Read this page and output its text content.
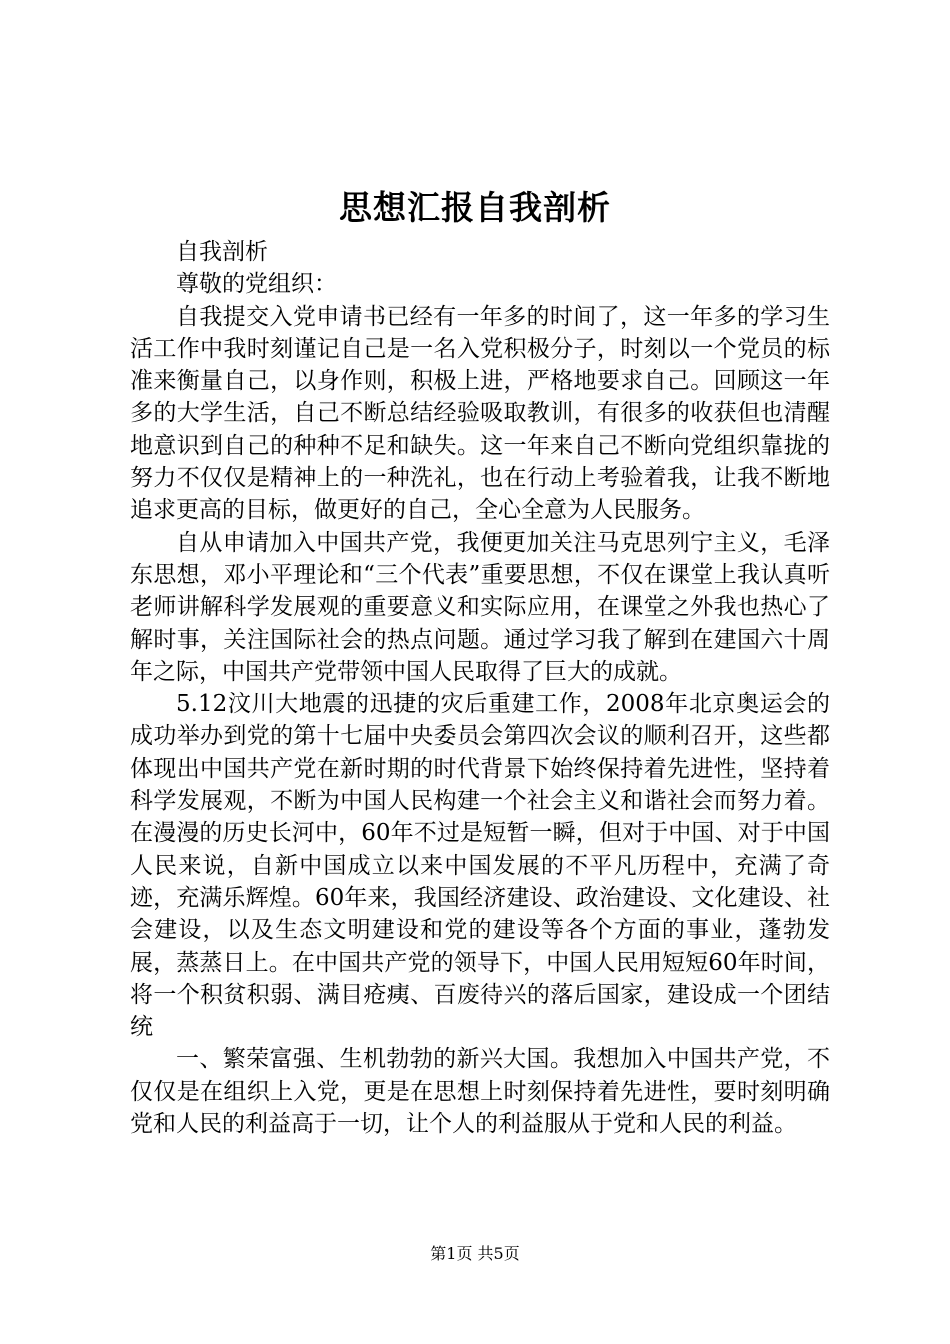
思想汇报自我剖析

自我剖析

尊敬的党组织：

自我提交入党申请书已经有一年多的时间了，这一年多的学习生活工作中我时刻谨记自己是一名入党积极分子，时刻以一个党员的标准来衡量自己，以身作则，积极上进，严格地要求自己。回顾这一年多的大学生活，自己不断总结经验吸取教训，有很多的收获但也清醒地意识到自己的种种不足和缺失。这一年来自己不断向党组织靠拢的努力不仅仅是精神上的一种洗礼，也在行动上考验着我，让我不断地追求更高的目标，做更好的自己，全心全意为人民服务。

自从申请加入中国共产党，我便更加关注马克思列宁主义，毛泽东思想，邓小平理论和“三个代表”重要思想，不仅在课堂上我认真听老师讲解科学发展观的重要意义和实际应用，在课堂之外我也热心了解时事，关注国际社会的热点问题。通过学习我了解到在建国六十周年之际，中国共产党带领中国人民取得了巨大的成就。

5.12汶川大地震的迅捷的灾后重建工作，2008年北京奥运会的成功举办到党的第十七届中央委员会第四次会议的顺利召开，这些都体现出中国共产党在新时期的时代背景下始终保持着先进性，坚持着科学发展观，不断为中国人民构建一个社会主义和谐社会而努力着。在漫漫的历史长河中，60年不过是短暂一瞬，但对于中国、对于中国人民来说，自新中国成立以来中国发展的不平凡历程中，充满了奇迹，充满乐辉煌。60年来，我国经济建设、政治建设、文化建设、社会建设，以及生态文明建设和党的建设等各个方面的事业，蓬勃发展，蒸蒸日上。在中国共产党的领导下，中国人民用短短60年时间，将一个积贫积弱、满目疮痍、百废待兴的落后国家，建设成一个团结统

一、繁荣富强、生机勃勃的新兴大国。我想加入中国共产党，不仅仅是在组织上入党，更是在思想上时刻保持着先进性，要时刻明确党和人民的利益高于一切，让个人的利益服从于党和人民的利益。

第1页 共5页
